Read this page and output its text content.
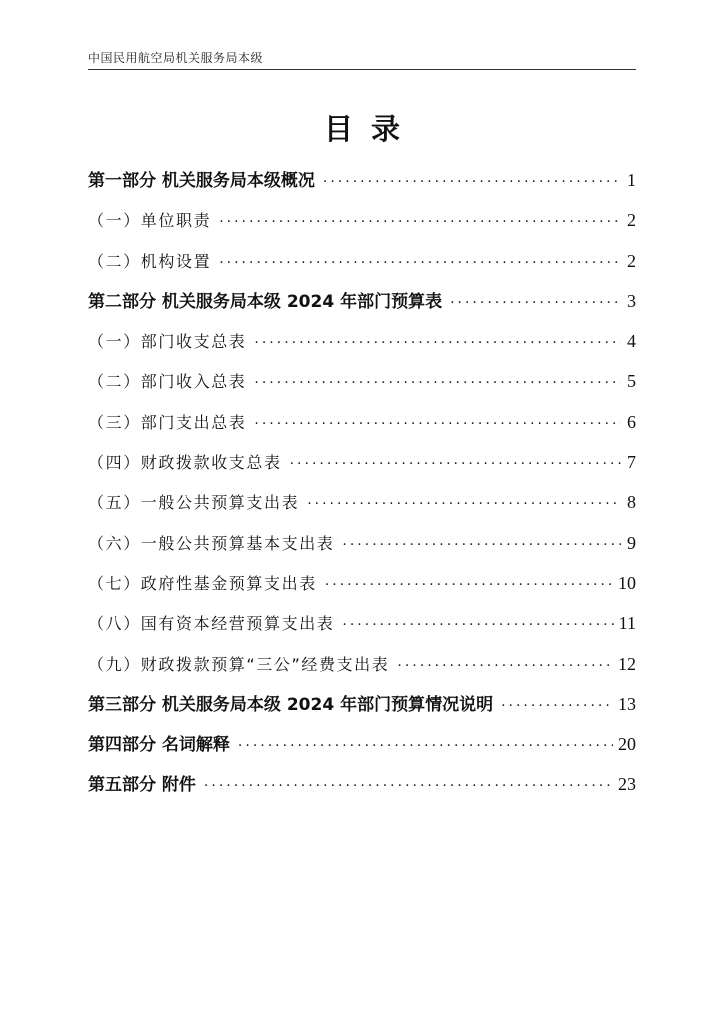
中国民用航空局机关服务局本级
目录
第一部分 机关服务局本级概况 ·····	1
（一）单位职责 ·····	2
（二）机构设置 ·····	2
第二部分 机关服务局本级 2024 年部门预算表 ·····	3
（一）部门收支总表 ·····	4
（二）部门收入总表 ·····	5
（三）部门支出总表 ·····	6
（四）财政拨款收支总表 ·····	7
（五）一般公共预算支出表 ·····	8
（六）一般公共预算基本支出表 ·····	9
（七）政府性基金预算支出表 ·····	10
（八）国有资本经营预算支出表 ·····	11
（九）财政拨款预算“三公”经费支出表 ·····	12
第三部分 机关服务局本级 2024 年部门预算情况说明 ·····	13
第四部分 名词解释 ·····	20
第五部分 附件 ·····	23
